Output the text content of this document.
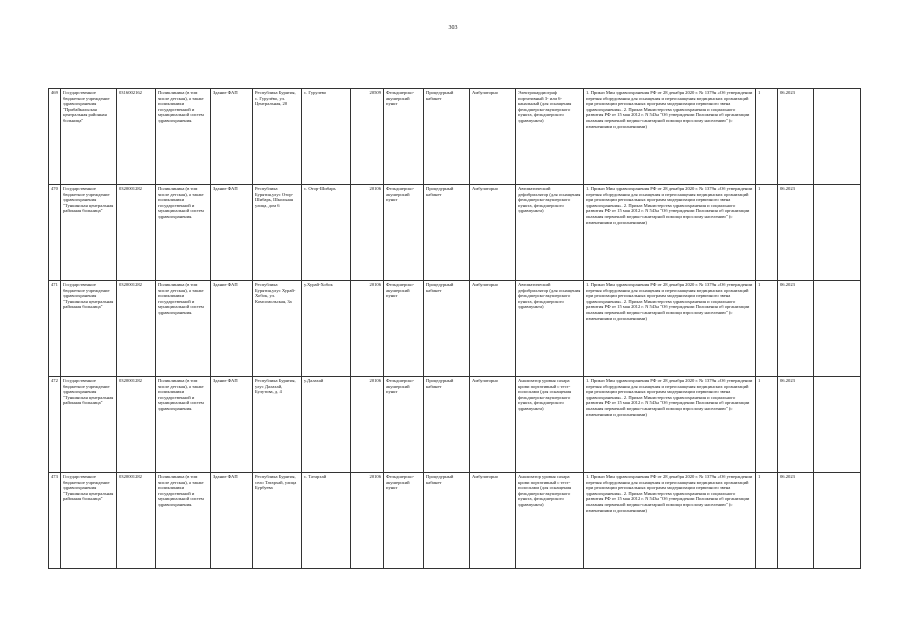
303
469	Государственное бюджетное учреждение здравоохранения "Прибайкальская центральная районная больница"	0316002162	Поликлиника (в том числе детская), а также поликлиники государственной и муниципальной систем здравоохранения.	Здание ФАП	Республика Бурятия, с. Гурулёво, ул. Центральная, 20	с. Гурулево	20509	Фельдшерско-акушерский пункт	Процедурный кабинет	Амбулаторно	Электрокардиограф портативный 3- или 6-канальный (для оснащения фельдшерско-акушерского пункта, фельдшерского здравпункта)	1. Приказ Мин здравоохранения РФ от 28 декабря 2020 г. № 1379н «Об утверждении перечня оборудования для оснащения и переоснащения медицинских организаций при реализации региональных программ модернизации первичного звена здравоохранения». 2. Приказ Министерства здравоохранения и социального развития РФ от 15 мая 2012 г. N 543н "Об утверждении Положения об организации оказания первичной медико-санитарной помощи взрослому населению" (с изменениями и дополнениями)	1	06.2023	
470	Государственное бюджетное учреждение здравоохранения "Тункинская центральная районная больница"	0320001282	Поликлиника (в том числе детская), а также поликлиники государственной и муниципальной систем здравоохранения.	Здание ФАП	Республика Бурятия,улус Отор-Шибарь, Школьная улица, дом 6	с. Отор-Шибарь	20106	Фельдшерско-акушерский пункт	Процедурный кабинет	Амбулаторно	Автоматический дефибриллятор (для оснащения фельдшерско-акушерского пункта, фельдшерского здравпункта)	1. Приказ Мин здравоохранения РФ от 28 декабря 2020 г. № 1379н «Об утверждении перечня оборудования для оснащения и переоснащения медицинских организаций при реализации региональных программ модернизации первичного звена здравоохранения». 2. Приказ Министерства здравоохранения и социального развития РФ от 15 мая 2012 г. N 543н "Об утверждении Положения об организации оказания первичной медико-санитарной помощи взрослому населению" (с изменениями и дополнениями)	1	06.2023	
471	Государственное бюджетное учреждение здравоохранения "Тункинская центральная районная больница"	0320001282	Поликлиника (в том числе детская), а также поликлиники государственной и муниципальной систем здравоохранения.	Здание ФАП	Республика Бурятия,улус Хурай-Хобок, ул. Комсомольская, 3а	у.Хурай-Хобок	20106	Фельдшерско-акушерский пункт	Процедурный кабинет	Амбулаторно	Автоматический дефибриллятор (для оснащения фельдшерско-акушерского пункта, фельдшерского здравпункта)	1. Приказ Мин здравоохранения РФ от 28 декабря 2020 г. № 1379н «Об утверждении перечня оборудования для оснащения и переоснащения медицинских организаций при реализации региональных программ модернизации первичного звена здравоохранения». 2. Приказ Министерства здравоохранения и социального развития РФ от 15 мая 2012 г. N 543н "Об утверждении Положения об организации оказания первичной медико-санитарной помощи взрослому населению" (с изменениями и дополнениями)	1	06.2023	
472	Государственное бюджетное учреждение здравоохранения "Тункинская центральная районная больница"	0320001282	Поликлиника (в том числе детская), а также поликлиники государственной и муниципальной систем здравоохранения.	Здание ФАП	Республика Бурятия, улус Далахай, Булутова, д. 4	у.Далахай	20106	Фельдшерско-акушерский пункт	Процедурный кабинет	Амбулаторно	Анализатор уровня сахара крови портативный с тест-полосками (для оснащения фельдшерско-акушерского пункта, фельдшерского здравпункта)	1. Приказ Мин здравоохранения РФ от 28 декабря 2020 г. № 1379н «Об утверждении перечня оборудования для оснащения и переоснащения медицинских организаций при реализации региональных программ модернизации первичного звена здравоохранения». 2. Приказ Министерства здравоохранения и социального развития РФ от 15 мая 2012 г. N 543н "Об утверждении Положения об организации оказания первичной медико-санитарной помощи взрослому населению" (с изменениями и дополнениями)	1	06.2023	
473	Государственное бюджетное учреждение здравоохранения "Тункинская центральная районная больница"	0320001282	Поликлиника (в том числе детская), а также поликлиники государственной и муниципальной систем здравоохранения.	Здание ФАП	Республика Бурятия, село Татархай, улица Бурбуева	с. Татархай	20106	Фельдшерско-акушерский пункт	Процедурный кабинет	Амбулаторно	Анализатор уровня сахара крови портативный с тест-полосками (для оснащения фельдшерско-акушерского пункта, фельдшерского здравпункта)	1. Приказ Мин здравоохранения РФ от 28 декабря 2020 г. № 1379н «Об утверждении перечня оборудования для оснащения и переоснащения медицинских организаций при реализации региональных программ модернизации первичного звена здравоохранения». 2. Приказ Министерства здравоохранения и социального развития РФ от 15 мая 2012 г. N 543н "Об утверждении Положения об организации оказания первичной медико-санитарной помощи взрослому населению" (с изменениями и дополнениями)	1	06.2023	
